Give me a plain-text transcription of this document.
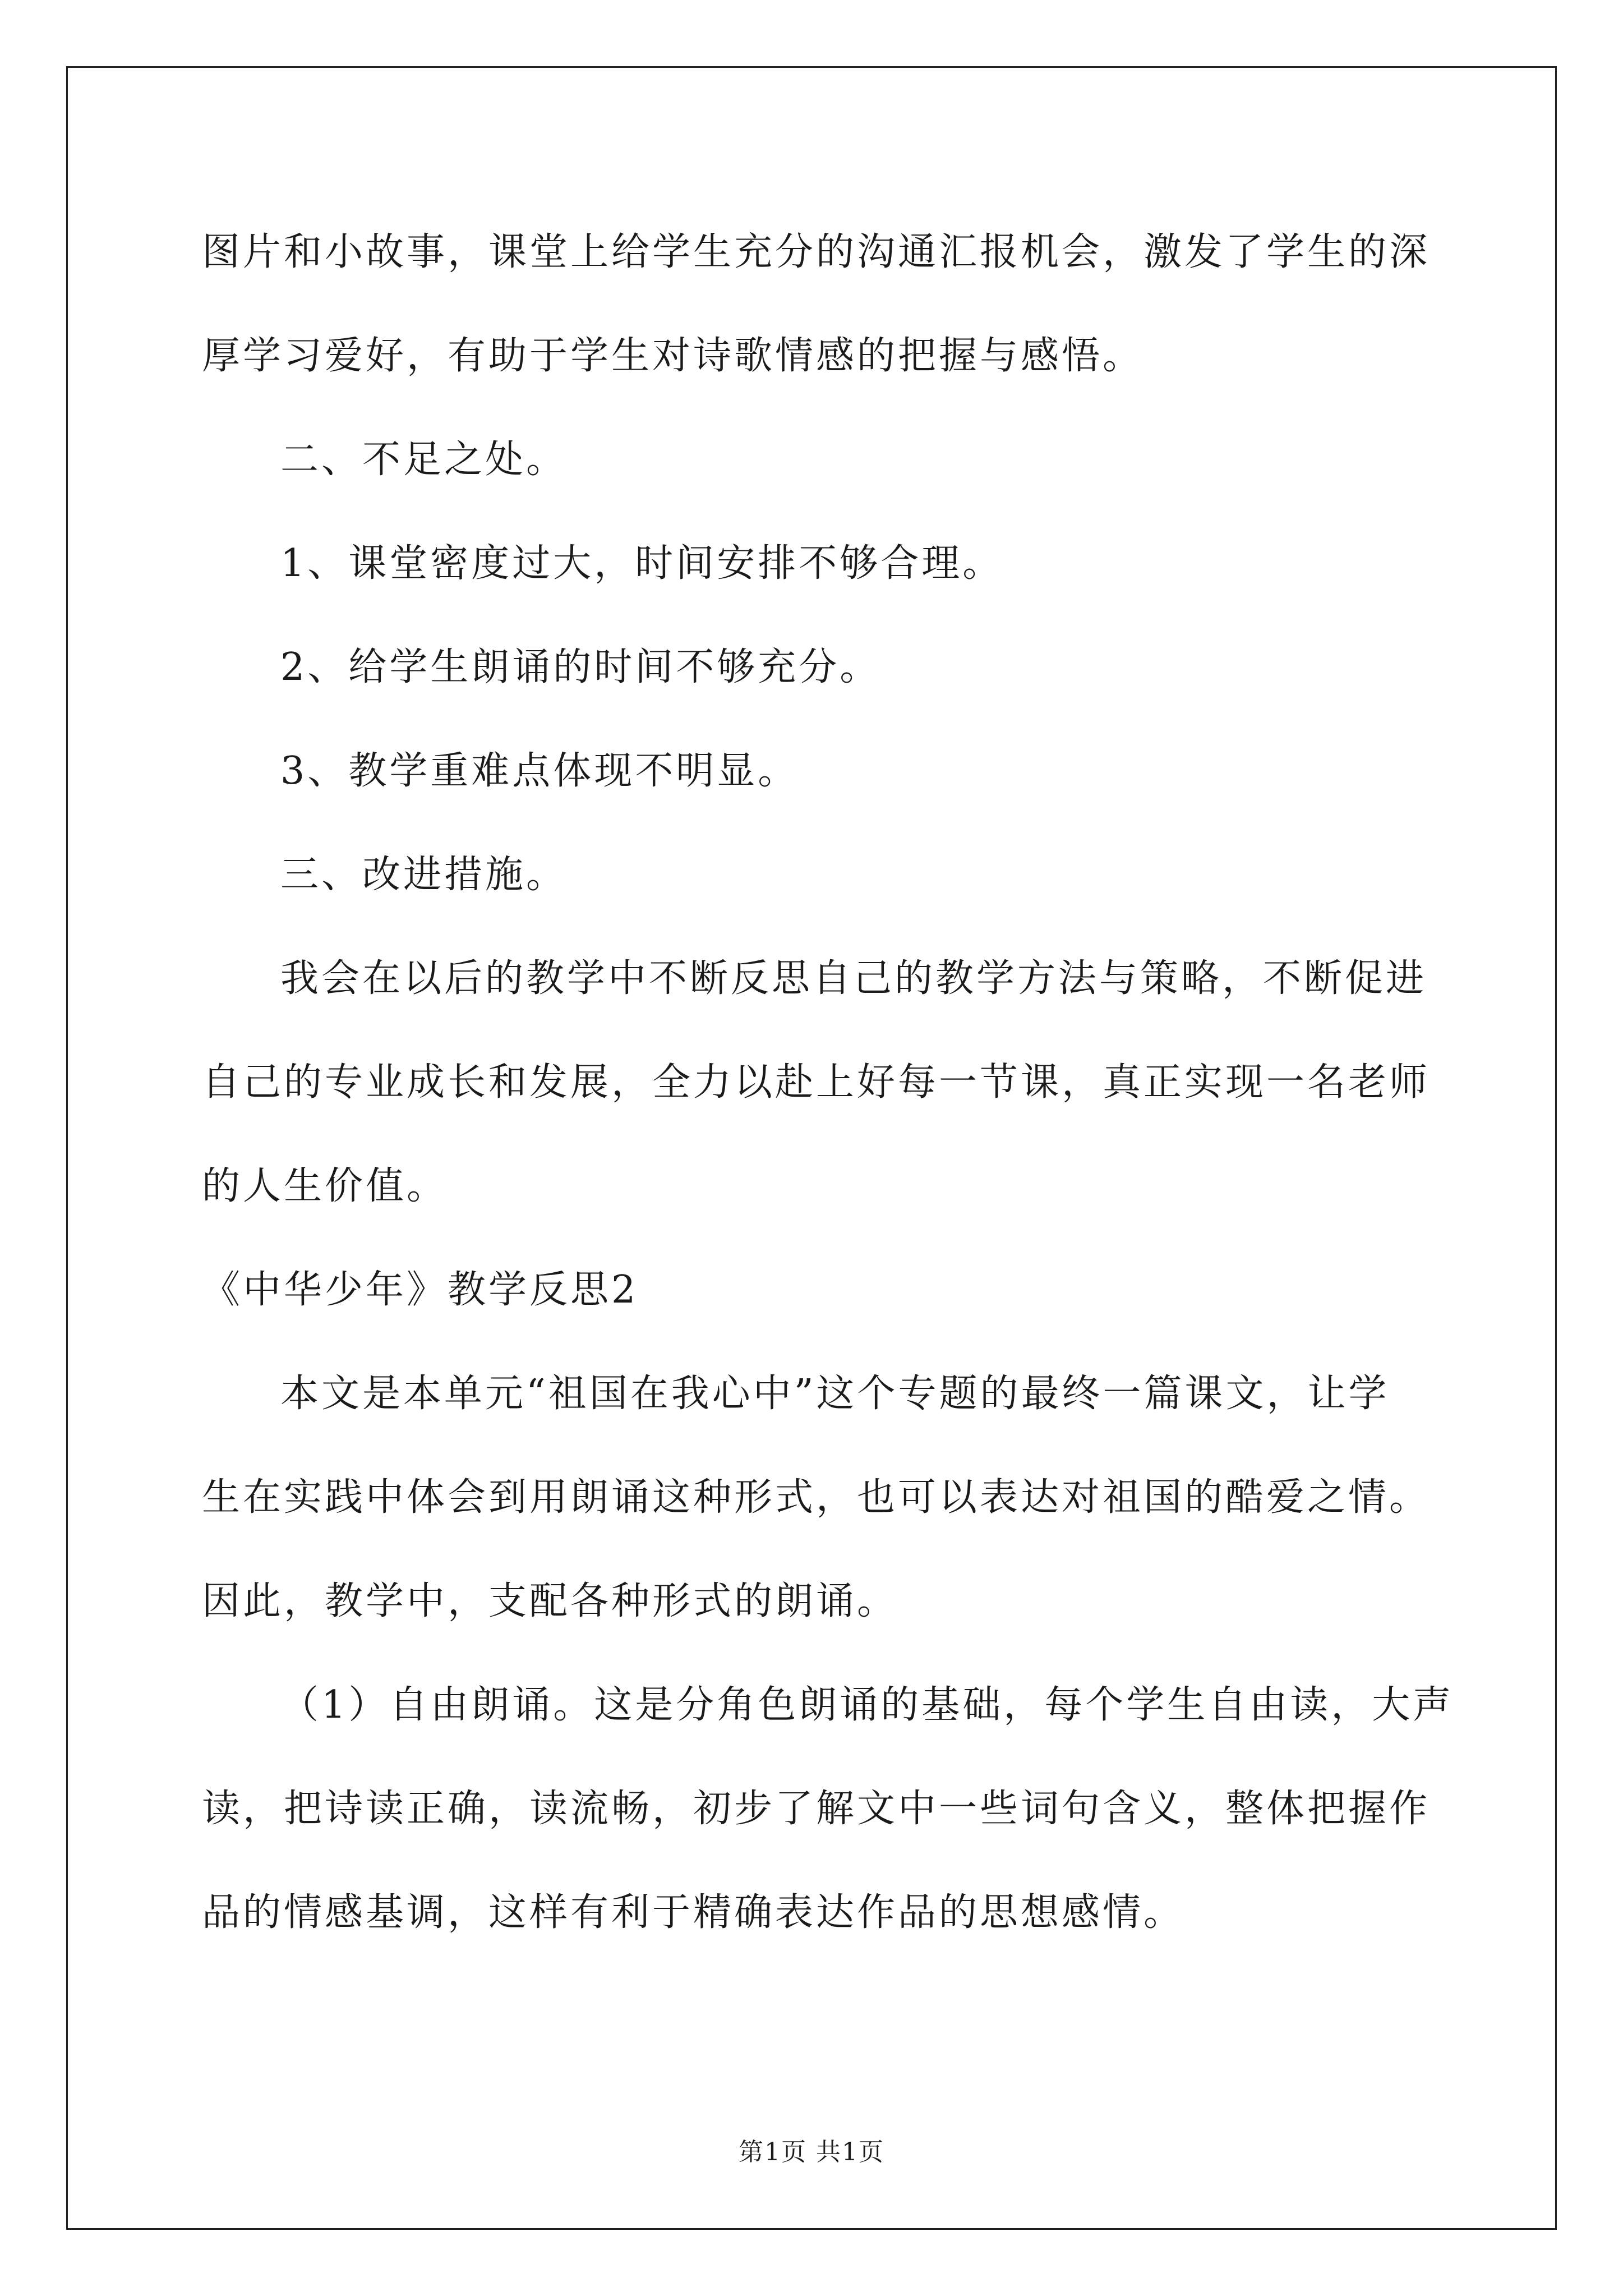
图片和小故事，课堂上给学生充分的沟通汇报机会，激发了学生的深
厚学习爱好，有助于学生对诗歌情感的把握与感悟。
二、不足之处。
1、课堂密度过大，时间安排不够合理。
2、给学生朗诵的时间不够充分。
3、教学重难点体现不明显。
三、改进措施。
我会在以后的教学中不断反思自己的教学方法与策略，不断促进
自己的专业成长和发展，全力以赴上好每一节课，真正实现一名老师
的人生价值。
《中华少年》教学反思2
本文是本单元“祖国在我心中”这个专题的最终一篇课文，让学
生在实践中体会到用朗诵这种形式，也可以表达对祖国的酷爱之情。
因此，教学中，支配各种形式的朗诵。
（1）自由朗诵。这是分角色朗诵的基础，每个学生自由读，大声
读，把诗读正确，读流畅，初步了解文中一些词句含义，整体把握作
品的情感基调，这样有利于精确表达作品的思想感情。
第1页 共1页
